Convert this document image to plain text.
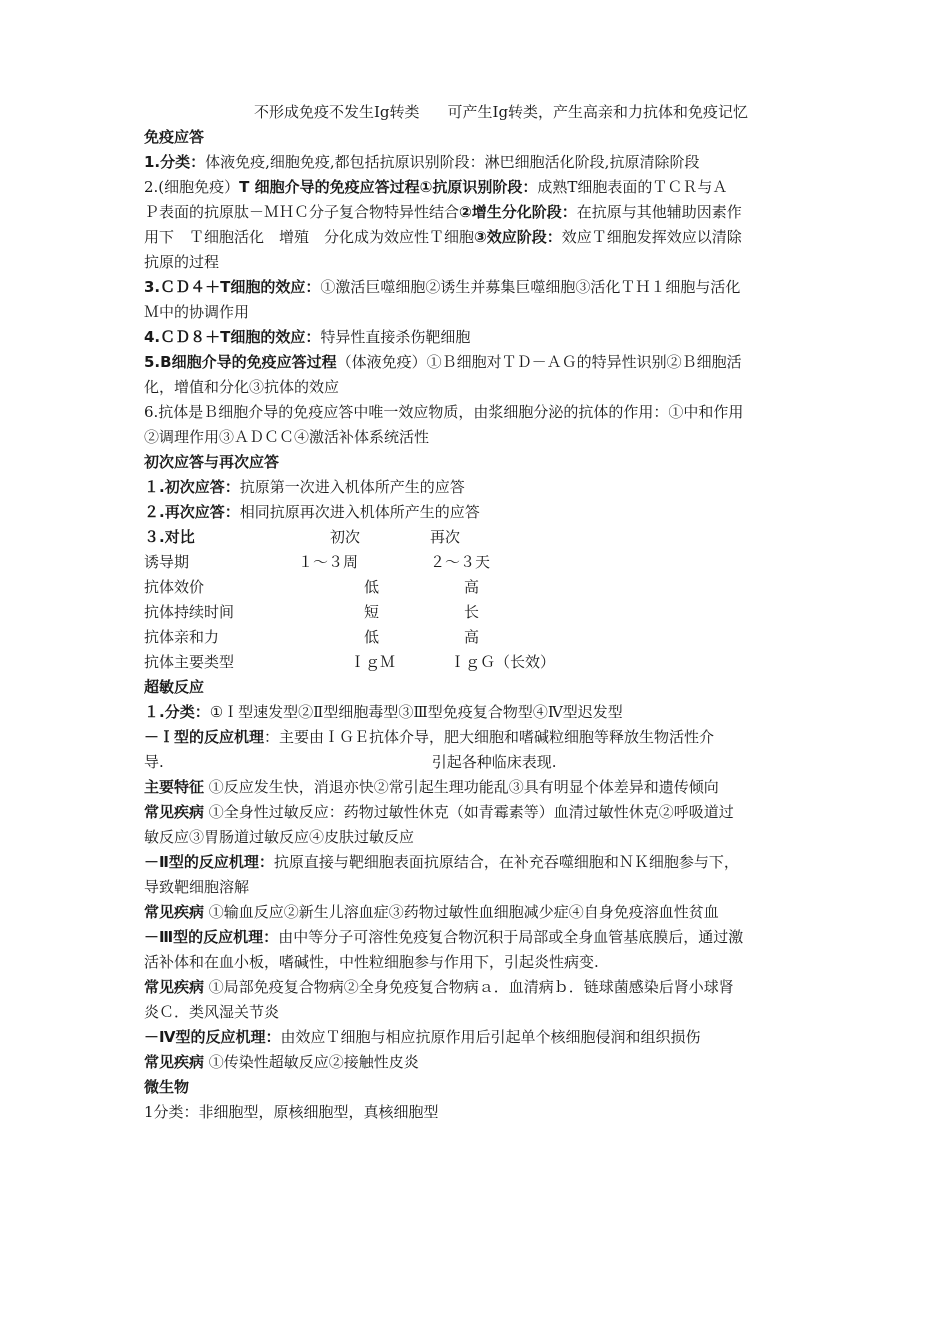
不形成免疫不发生Ig转类 可产生Ig转类，产生高亲和力抗体和免疫记忆
免疫应答
1.分类：体液免疫,细胞免疫,都包括抗原识别阶段：淋巴细胞活化阶段,抗原清除阶段
2.(细胞免疫）T 细胞介导的免疫应答过程①抗原识别阶段：成熟T细胞表面的ＴＣＲ与Ａ
Ｐ表面的抗原肽－ＭＨＣ分子复合物特异性结合②增生分化阶段：在抗原与其他辅助因素作
用下　Ｔ细胞活化　增殖　分化成为效应性Ｔ细胞③效应阶段：效应Ｔ细胞发挥效应以清除
抗原的过程
3.ＣＤ４＋T细胞的效应：①激活巨噬细胞②诱生并募集巨噬细胞③活化ＴＨ１细胞与活化
Ｍ中的协调作用
4.ＣＤ８＋T细胞的效应：特异性直接杀伤靶细胞
5.B细胞介导的免疫应答过程（体液免疫）①Ｂ细胞对ＴＤ－ＡＧ的特异性识别②Ｂ细胞活
化，增值和分化③抗体的效应
6.抗体是Ｂ细胞介导的免疫应答中唯一效应物质，由浆细胞分泌的抗体的作用：①中和作用
②调理作用③ＡＤＣＣ④激活补体系统活性
初次应答与再次应答
１.初次应答：抗原第一次进入机体所产生的应答
２.再次应答：相同抗原再次进入机体所产生的应答
３.对比	初次	再次
诱导期	１～３周	２～３天
抗体效价	低	高
抗体持续时间	短	长
抗体亲和力	低	高
抗体主要类型	ＩｇＭ	ＩｇＧ（长效）
超敏反应
１.分类：①Ｉ型速发型②Ⅱ型细胞毒型③Ⅲ型免疫复合物型④Ⅳ型迟发型
－Ｉ型的反应机理：主要由ＩＧＥ抗体介导，肥大细胞和嗜碱粒细胞等释放生物活性介
导.	引起各种临床表现.
主要特征 ①反应发生快，消退亦快②常引起生理功能乱③具有明显个体差异和遗传倾向
常见疾病 ①全身性过敏反应：药物过敏性休克（如青霉素等）血清过敏性休克②呼吸道过
敏反应③胃肠道过敏反应④皮肤过敏反应
－Ⅱ型的反应机理：抗原直接与靶细胞表面抗原结合，在补充吞噬细胞和ＮＫ细胞参与下，
导致靶细胞溶解
常见疾病 ①输血反应②新生儿溶血症③药物过敏性血细胞减少症④自身免疫溶血性贫血
－Ⅲ型的反应机理：由中等分子可溶性免疫复合物沉积于局部或全身血管基底膜后，通过激
活补体和在血小板，嗜碱性，中性粒细胞参与作用下，引起炎性病变.
常见疾病 ①局部免疫复合物病②全身免疫复合物病ａ．血清病ｂ．链球菌感染后肾小球肾
炎Ｃ．类风湿关节炎
－Ⅳ型的反应机理：由效应Ｔ细胞与相应抗原作用后引起单个核细胞侵润和组织损伤
常见疾病 ①传染性超敏反应②接触性皮炎
微生物
1分类：非细胞型，原核细胞型，真核细胞型
